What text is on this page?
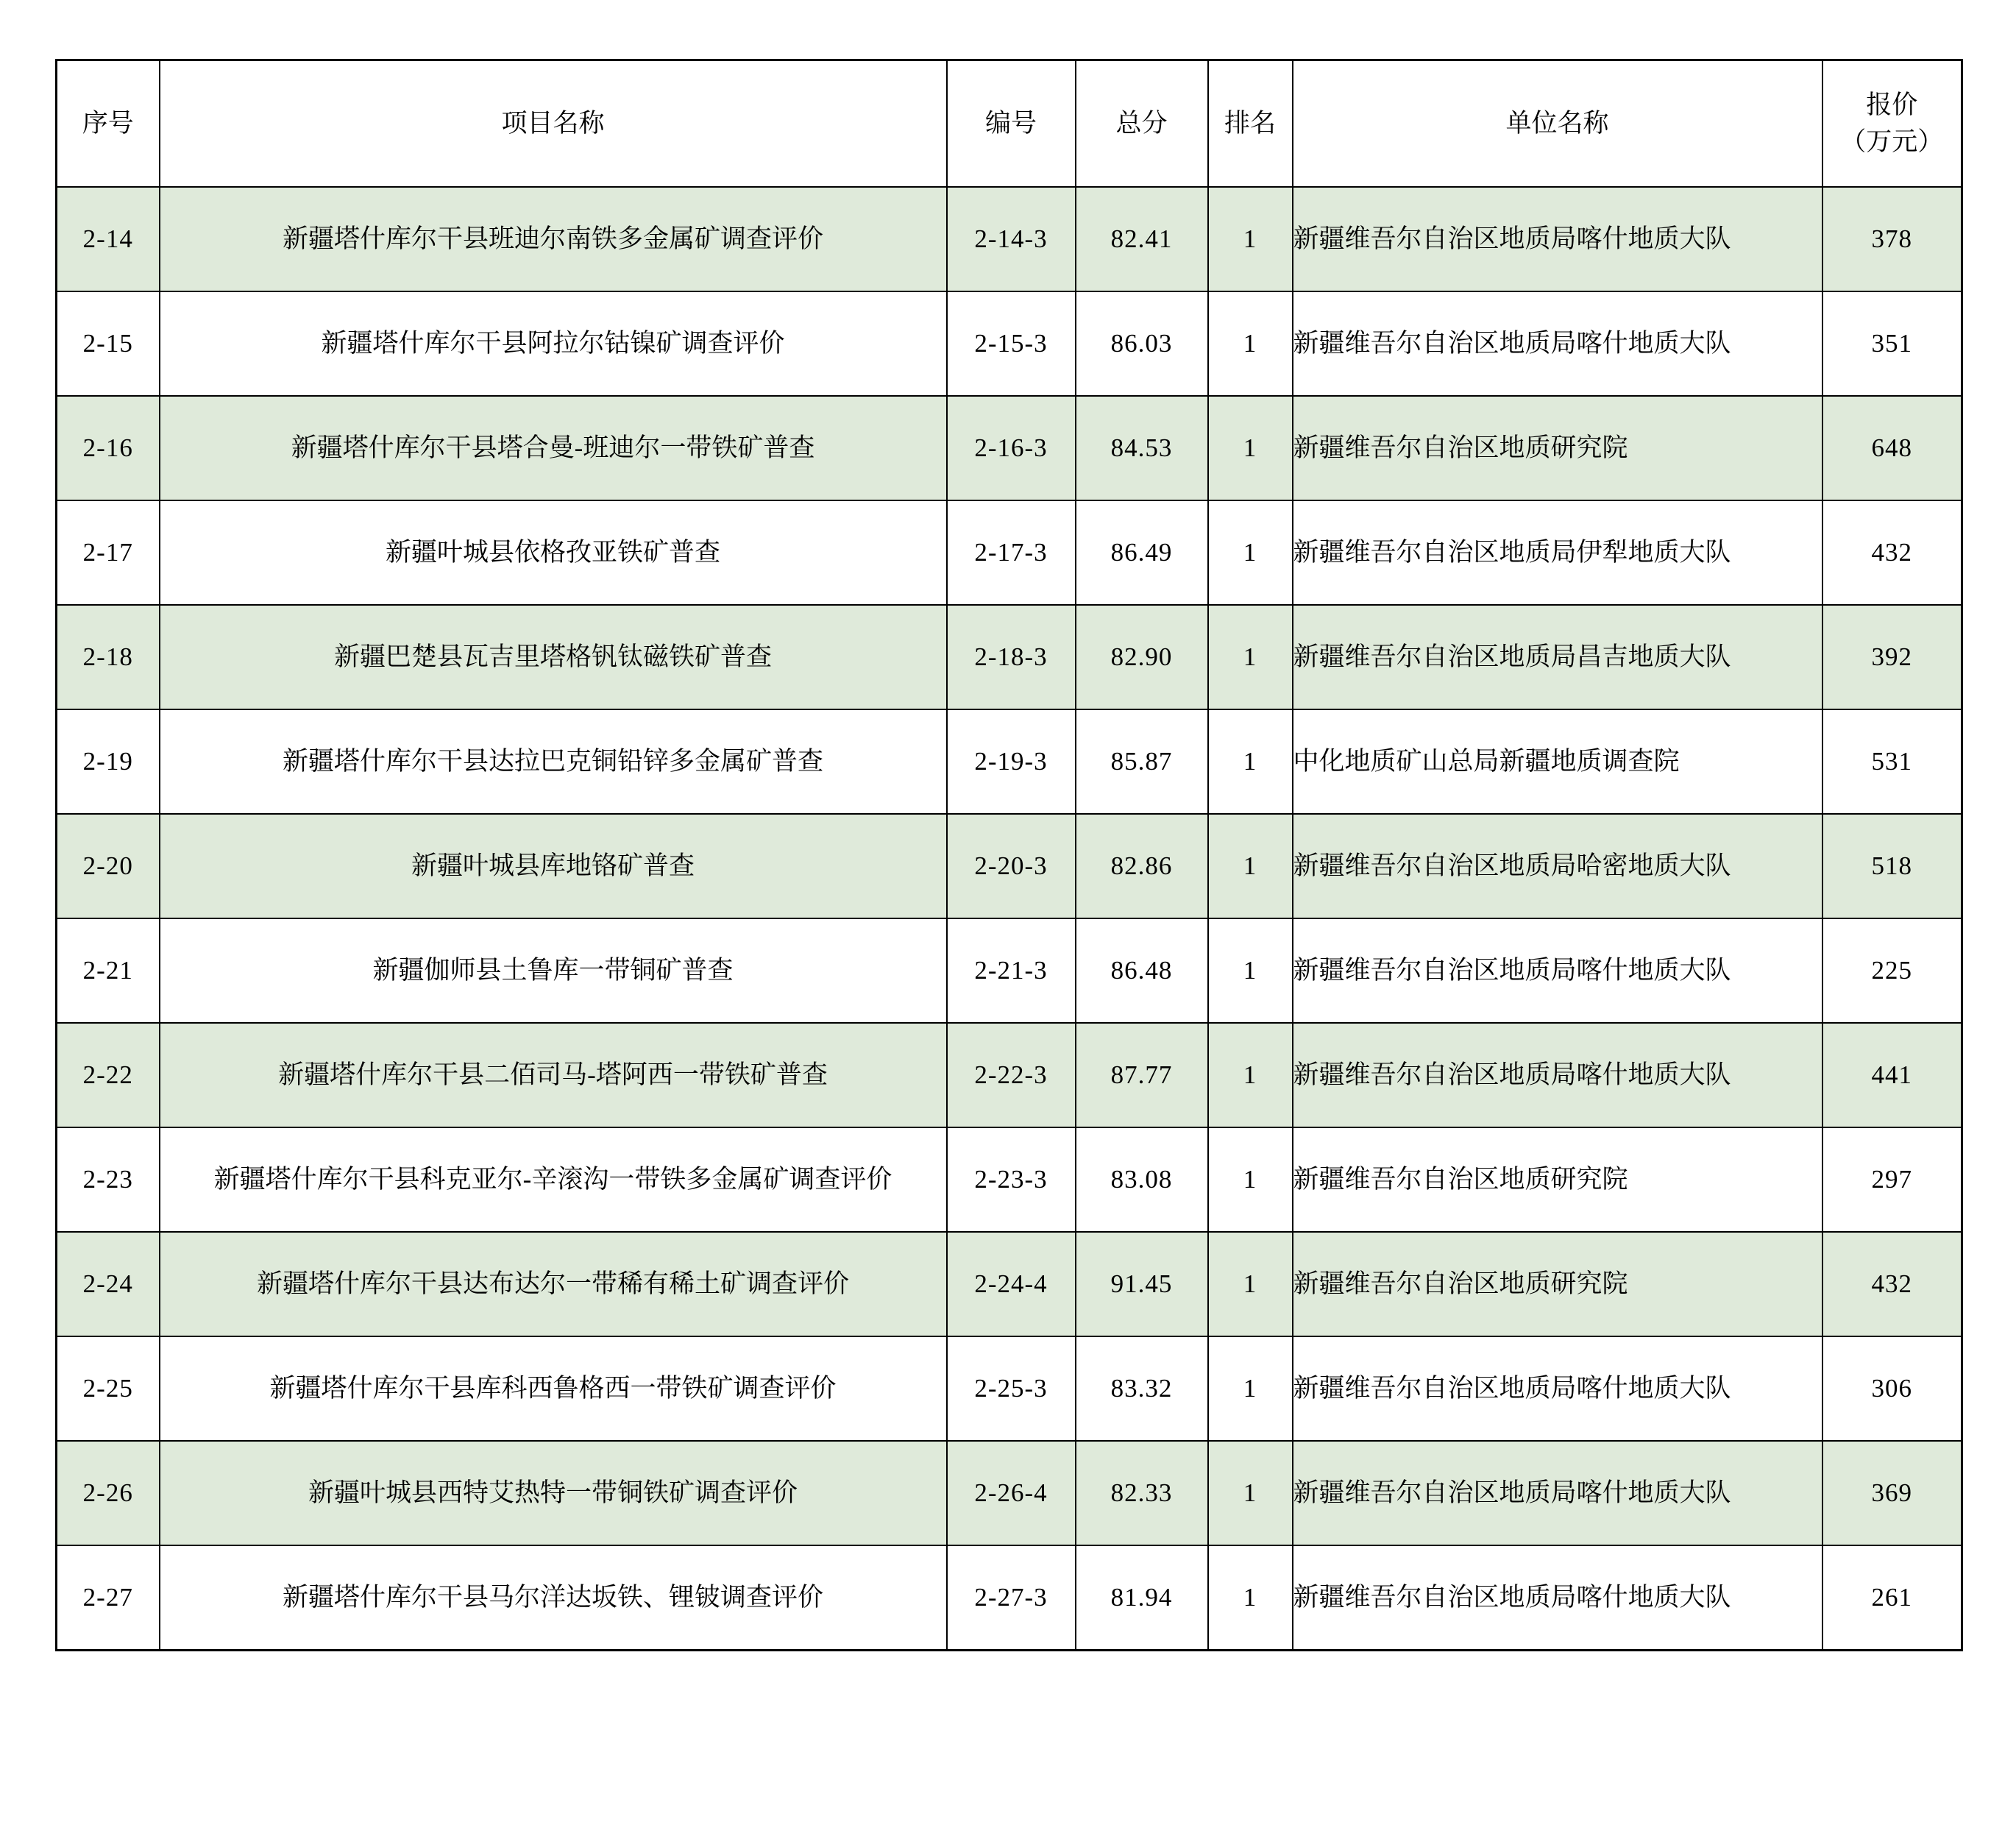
序号	项目名称	编号	总分	排名	单位名称	报价
（万元）

2-14	新疆塔什库尔干县班迪尔南铁多金属矿调查评价	2-14-3	82.41	1	新疆维吾尔自治区地质局喀什地质大队	378
2-15	新疆塔什库尔干县阿拉尔钴镍矿调查评价	2-15-3	86.03	1	新疆维吾尔自治区地质局喀什地质大队	351
2-16	新疆塔什库尔干县塔合曼-班迪尔一带铁矿普查	2-16-3	84.53	1	新疆维吾尔自治区地质研究院	648
2-17	新疆叶城县依格孜亚铁矿普查	2-17-3	86.49	1	新疆维吾尔自治区地质局伊犁地质大队	432
2-18	新疆巴楚县瓦吉里塔格钒钛磁铁矿普查	2-18-3	82.90	1	新疆维吾尔自治区地质局昌吉地质大队	392
2-19	新疆塔什库尔干县达拉巴克铜铅锌多金属矿普查	2-19-3	85.87	1	中化地质矿山总局新疆地质调查院	531
2-20	新疆叶城县库地铬矿普查	2-20-3	82.86	1	新疆维吾尔自治区地质局哈密地质大队	518
2-21	新疆伽师县土鲁库一带铜矿普查	2-21-3	86.48	1	新疆维吾尔自治区地质局喀什地质大队	225
2-22	新疆塔什库尔干县二佰司马-塔阿西一带铁矿普查	2-22-3	87.77	1	新疆维吾尔自治区地质局喀什地质大队	441
2-23	新疆塔什库尔干县科克亚尔-辛滚沟一带铁多金属矿调查评价	2-23-3	83.08	1	新疆维吾尔自治区地质研究院	297
2-24	新疆塔什库尔干县达布达尔一带稀有稀土矿调查评价	2-24-4	91.45	1	新疆维吾尔自治区地质研究院	432
2-25	新疆塔什库尔干县库科西鲁格西一带铁矿调查评价	2-25-3	83.32	1	新疆维吾尔自治区地质局喀什地质大队	306
2-26	新疆叶城县西特艾热特一带铜铁矿调查评价	2-26-4	82.33	1	新疆维吾尔自治区地质局喀什地质大队	369
2-27	新疆塔什库尔干县马尔洋达坂铁、锂铍调查评价	2-27-3	81.94	1	新疆维吾尔自治区地质局喀什地质大队	261
